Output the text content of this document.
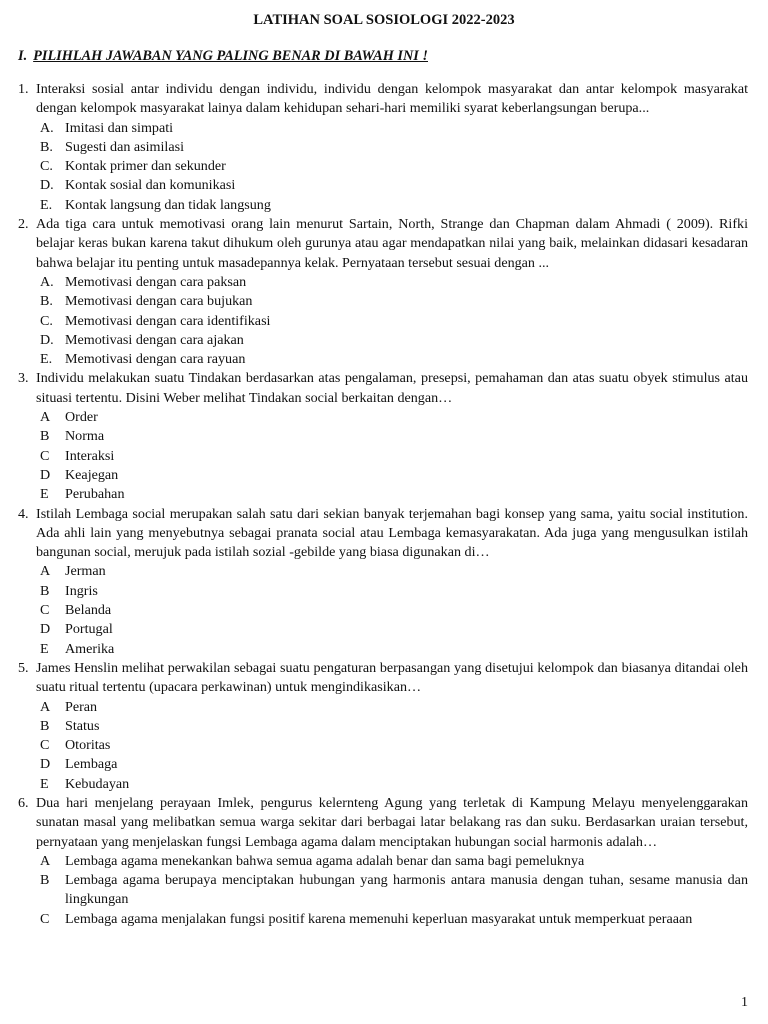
LATIHAN SOAL SOSIOLOGI 2022-2023
I. PILIHLAH JAWABAN YANG PALING BENAR DI BAWAH INI !
1. Interaksi sosial antar individu dengan individu, individu dengan kelompok masyarakat dan antar kelompok masyarakat dengan kelompok masyarakat lainya dalam kehidupan sehari-hari memiliki syarat keberlangsungan berupa...
A. Imitasi dan simpati
B. Sugesti dan asimilasi
C. Kontak primer dan sekunder
D. Kontak sosial dan komunikasi
E. Kontak langsung dan tidak langsung
2. Ada tiga cara untuk memotivasi orang lain menurut Sartain, North, Strange dan Chapman dalam Ahmadi ( 2009). Rifki belajar keras bukan karena takut dihukum oleh gurunya atau agar mendapatkan nilai yang baik, melainkan didasari kesadaran bahwa belajar itu penting untuk masadepannya kelak. Pernyataan tersebut sesuai dengan ...
A. Memotivasi dengan cara paksan
B. Memotivasi dengan cara bujukan
C. Memotivasi dengan cara identifikasi
D. Memotivasi dengan cara ajakan
E. Memotivasi dengan cara rayuan
3. Individu melakukan suatu Tindakan berdasarkan atas pengalaman, presepsi, pemahaman dan atas suatu obyek stimulus atau situasi tertentu. Disini Weber melihat Tindakan social berkaitan dengan…
A Order
B Norma
C Interaksi
D Keajegan
E Perubahan
4. Istilah Lembaga social merupakan salah satu dari sekian banyak terjemahan bagi konsep yang sama, yaitu social institution. Ada ahli lain yang menyebutnya sebagai pranata social atau Lembaga kemasyarakatan. Ada juga yang mengusulkan istilah bangunan social, merujuk pada istilah sozial -gebilde yang biasa digunakan di…
A Jerman
B Ingris
C Belanda
D Portugal
E Amerika
5. James Henslin melihat perwakilan sebagai suatu pengaturan berpasangan yang disetujui kelompok dan biasanya ditandai oleh suatu ritual tertentu (upacara perkawinan) untuk mengindikasikan…
A Peran
B Status
C Otoritas
D Lembaga
E Kebudayan
6. Dua hari menjelang perayaan Imlek, pengurus kelernteng Agung yang terletak di Kampung Melayu menyelenggarakan sunatan masal yang melibatkan semua warga sekitar dari berbagai latar belakang ras dan suku. Berdasarkan uraian tersebut, pernyataan yang menjelaskan fungsi Lembaga agama dalam menciptakan hubungan social harmonis adalah…
A Lembaga agama menekankan bahwa semua agama adalah benar dan sama bagi pemeluknya
B Lembaga agama berupaya menciptakan hubungan yang harmonis antara manusia dengan tuhan, sesame manusia dan lingkungan
C Lembaga agama menjalakan fungsi positif karena memenuhi keperluan masyarakat untuk memperkuat peraaan
1
